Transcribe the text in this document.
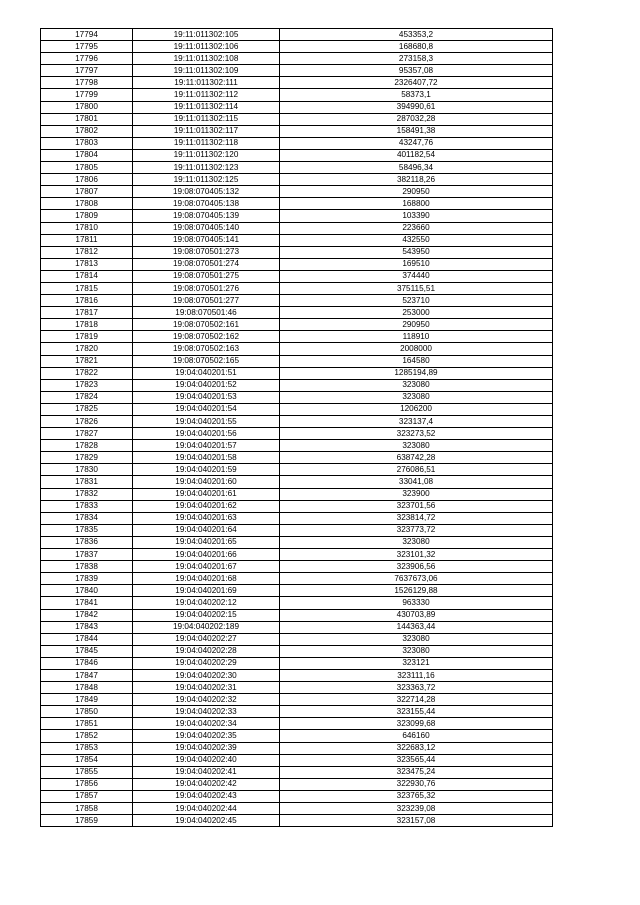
17794	19:11:011302:105	453353,2
17795	19:11:011302:106	168680,8
17796	19:11:011302:108	273158,3
17797	19:11:011302:109	95357,08
17798	19:11:011302:111	2326407,72
17799	19:11:011302:112	58373,1
17800	19:11:011302:114	394990,61
17801	19:11:011302:115	287032,28
17802	19:11:011302:117	158491,38
17803	19:11:011302:118	43247,76
17804	19:11:011302:120	401182,54
17805	19:11:011302:123	58496,34
17806	19:11:011302:125	382118,26
17807	19:08:070405:132	290950
17808	19:08:070405:138	168800
17809	19:08:070405:139	103390
17810	19:08:070405:140	223660
17811	19:08:070405:141	432550
17812	19:08:070501:273	543950
17813	19:08:070501:274	169510
17814	19:08:070501:275	374440
17815	19:08:070501:276	375115,51
17816	19:08:070501:277	523710
17817	19:08:070501:46	253000
17818	19:08:070502:161	290950
17819	19:08:070502:162	118910
17820	19:08:070502:163	2008000
17821	19:08:070502:165	164580
17822	19:04:040201:51	1285194,89
17823	19:04:040201:52	323080
17824	19:04:040201:53	323080
17825	19:04:040201:54	1206200
17826	19:04:040201:55	323137,4
17827	19:04:040201:56	323273,52
17828	19:04:040201:57	323080
17829	19:04:040201:58	638742,28
17830	19:04:040201:59	276086,51
17831	19:04:040201:60	33041,08
17832	19:04:040201:61	323900
17833	19:04:040201:62	323701,56
17834	19:04:040201:63	323814,72
17835	19:04:040201:64	323773,72
17836	19:04:040201:65	323080
17837	19:04:040201:66	323101,32
17838	19:04:040201:67	323906,56
17839	19:04:040201:68	7637673,06
17840	19:04:040201:69	1526129,88
17841	19:04:040202:12	963330
17842	19:04:040202:15	430703,89
17843	19:04:040202:189	144363,44
17844	19:04:040202:27	323080
17845	19:04:040202:28	323080
17846	19:04:040202:29	323121
17847	19:04:040202:30	323111,16
17848	19:04:040202:31	323363,72
17849	19:04:040202:32	322714,28
17850	19:04:040202:33	323155,44
17851	19:04:040202:34	323099,68
17852	19:04:040202:35	646160
17853	19:04:040202:39	322683,12
17854	19:04:040202:40	323565,44
17855	19:04:040202:41	323475,24
17856	19:04:040202:42	322930,76
17857	19:04:040202:43	323765,32
17858	19:04:040202:44	323239,08
17859	19:04:040202:45	323157,08
